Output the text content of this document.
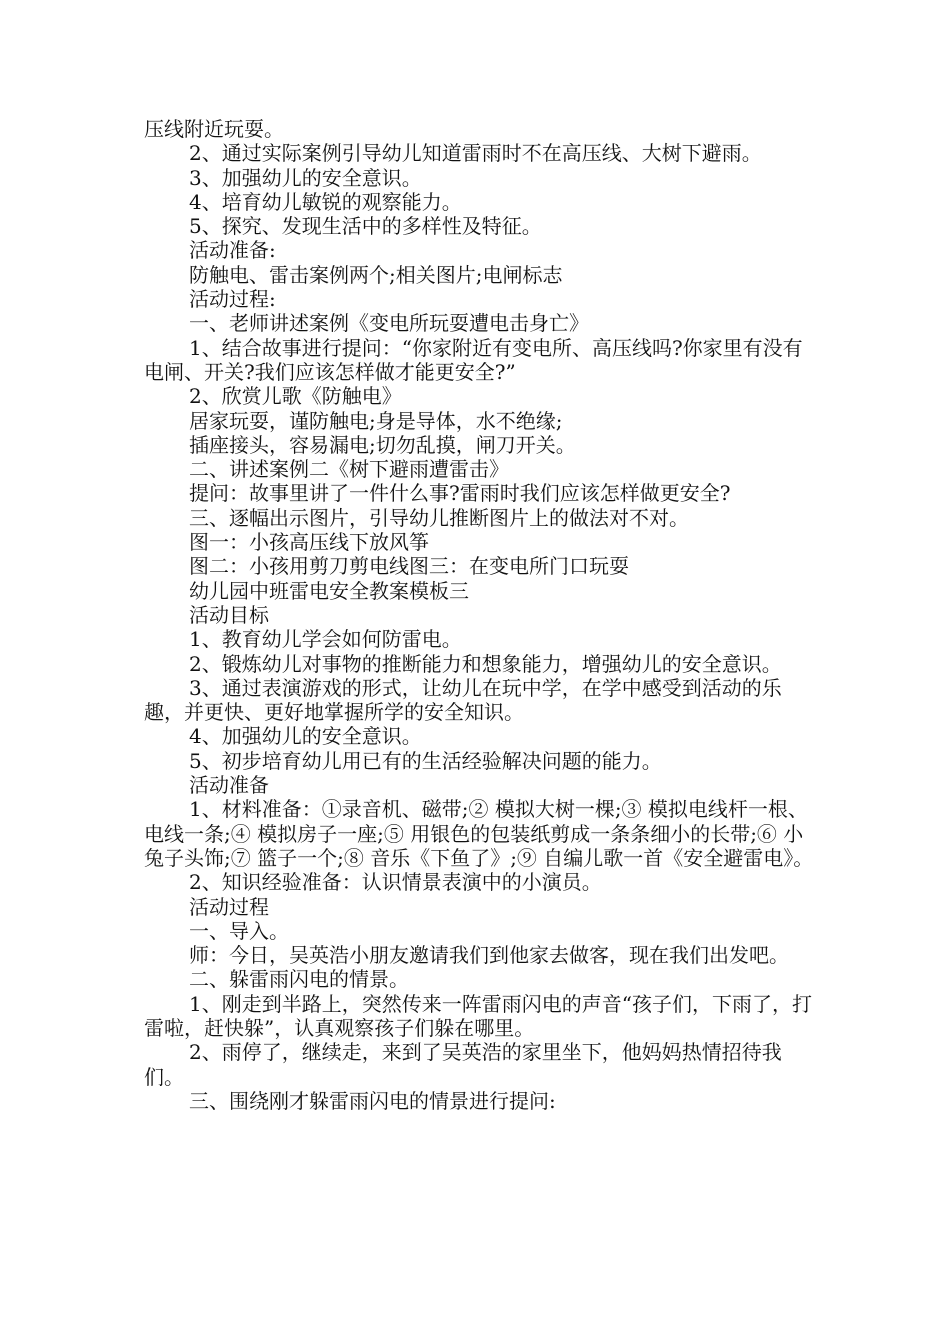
压线附近玩耍。

2、通过实际案例引导幼儿知道雷雨时不在高压线、大树下避雨。

3、加强幼儿的安全意识。

4、培育幼儿敏锐的观察能力。

5、探究、发现生活中的多样性及特征。

活动准备:

防触电、雷击案例两个;相关图片;电闸标志

活动过程:

一、老师讲述案例《变电所玩耍遭电击身亡》

1、结合故事进行提问：“你家附近有变电所、高压线吗?你家里有没有电闸、开关?我们应该怎样做才能更安全?”

2、欣赏儿歌《防触电》

居家玩耍，谨防触电;身是导体，水不绝缘;

插座接头，容易漏电;切勿乱摸，闸刀开关。

二、讲述案例二《树下避雨遭雷击》

提问：故事里讲了一件什么事?雷雨时我们应该怎样做更安全?

三、逐幅出示图片，引导幼儿推断图片上的做法对不对。

图一：小孩高压线下放风筝

图二：小孩用剪刀剪电线图三：在变电所门口玩耍

幼儿园中班雷电安全教案模板三

活动目标

1、教育幼儿学会如何防雷电。

2、锻炼幼儿对事物的推断能力和想象能力，增强幼儿的安全意识。

3、通过表演游戏的形式，让幼儿在玩中学，在学中感受到活动的乐趣，并更快、更好地掌握所学的安全知识。

4、加强幼儿的安全意识。

5、初步培育幼儿用已有的生活经验解决问题的能力。

活动准备

1、材料准备：①录音机、磁带;② 模拟大树一棵;③ 模拟电线杆一根、电线一条;④ 模拟房子一座;⑤ 用银色的包装纸剪成一条条细小的长带;⑥ 小兔子头饰;⑦ 篮子一个;⑧ 音乐《下鱼了》;⑨ 自编儿歌一首《安全避雷电》。

2、知识经验准备：认识情景表演中的小演员。

活动过程

一、导入。

师：今日，吴英浩小朋友邀请我们到他家去做客，现在我们出发吧。

二、躲雷雨闪电的情景。

1、刚走到半路上，突然传来一阵雷雨闪电的声音“孩子们，下雨了，打雷啦，赶快躲”，认真观察孩子们躲在哪里。

2、雨停了，继续走，来到了吴英浩的家里坐下，他妈妈热情招待我们。

三、围绕刚才躲雷雨闪电的情景进行提问:
